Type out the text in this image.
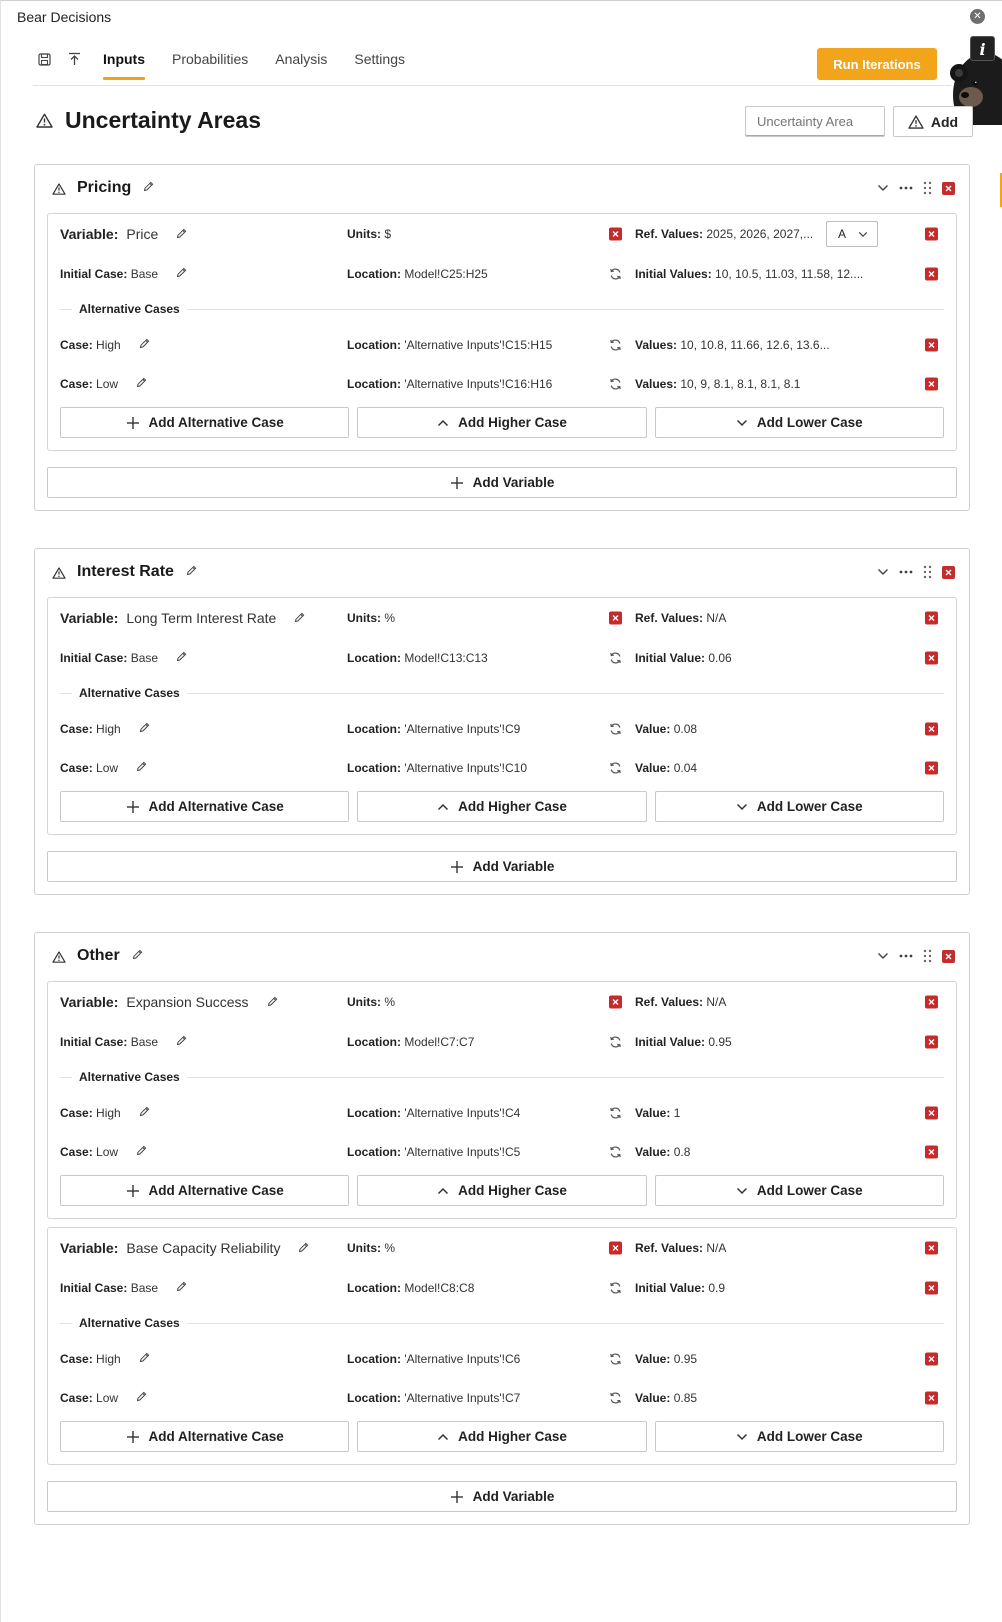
Bear Decisions	✕
Inputs Probabilities Analysis Settings	Run Iterations
i
Uncertainty Areas
Uncertainty Area	Add
Pricing
Variable: Price	Units: $	Ref. Values: 2025, 2026, 2027,... A
Initial Case:
Base	Location: Model!C25:H25	Initial Values: 10, 10.5, 11.03, 11.58, 12....
Alternative Cases
Case:
High	Location: 'Alternative Inputs'!C15:H15	Values: 10, 10.8, 11.66, 12.6, 13.6...
Case:
Low	Location: 'Alternative Inputs'!C16:H16	Values: 10, 9, 8.1, 8.1, 8.1, 8.1
Add Alternative Case	Add Higher Case	Add Lower Case
Add Variable
Interest Rate
Variable: Long Term Interest Rate	Units: %	Ref. Values: N/A
Initial Case:
Base	Location: Model!C13:C13	Initial Value: 0.06
Alternative Cases
Case:
High	Location: 'Alternative Inputs'!C9	Value: 0.08
Case:
Low	Location: 'Alternative Inputs'!C10	Value: 0.04
Add Alternative Case	Add Higher Case	Add Lower Case
Add Variable
Other
Variable: Expansion Success	Units: %	Ref. Values: N/A
Initial Case:
Base	Location: Model!C7:C7	Initial Value: 0.95
Alternative Cases
Case:
High	Location: 'Alternative Inputs'!C4	Value: 1
Case:
Low	Location: 'Alternative Inputs'!C5	Value: 0.8
Add Alternative Case	Add Higher Case	Add Lower Case
Variable: Base Capacity Reliability	Units: %	Ref. Values: N/A
Initial Case:
Base	Location: Model!C8:C8	Initial Value: 0.9
Alternative Cases
Case:
High	Location: 'Alternative Inputs'!C6	Value: 0.95
Case:
Low	Location: 'Alternative Inputs'!C7	Value: 0.85
Add Alternative Case	Add Higher Case	Add Lower Case
Add Variable
